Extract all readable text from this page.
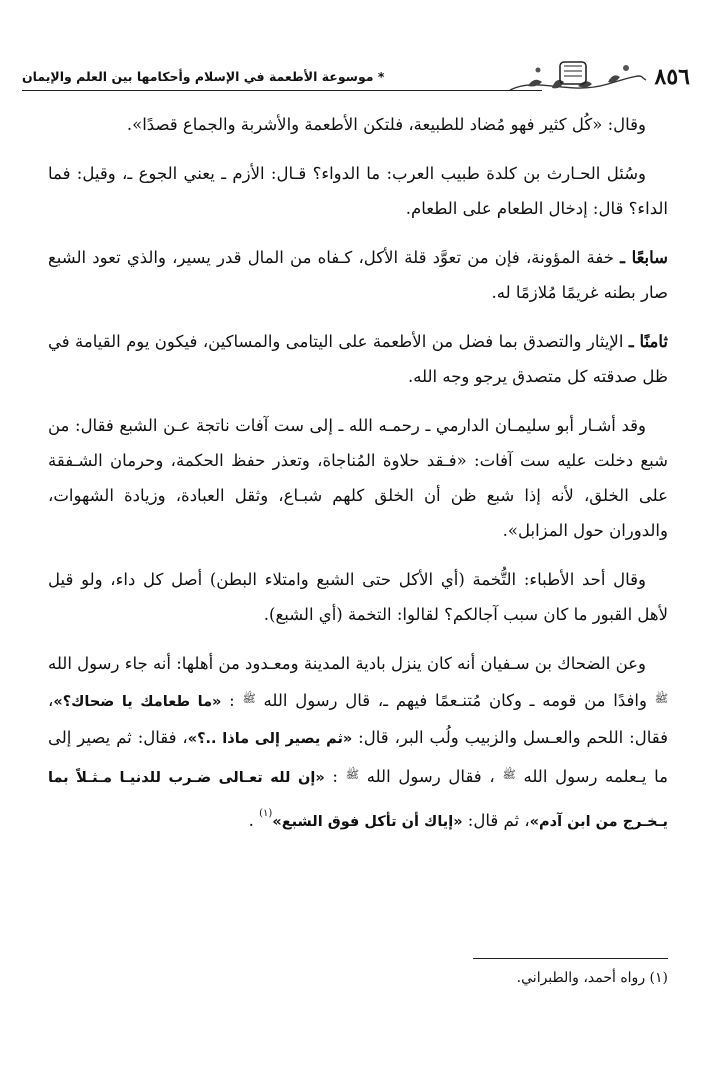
٨٥٦
* موسوعة الأطعمة في الإسلام وأحكامها بين العلم والإيمان

وقال: «كُل كثير فهو مُضاد للطبيعة، فلتكن الأطعمة والأشربة والجماع قصدًا».

وسُئل الحـارث بن كلدة طبيب العرب: ما الدواء؟ قـال: الأزم ـ يعني الجوع ـ، وقيل: فما الداء؟ قال: إدخال الطعام على الطعام.

سابعًا ـ خفة المؤونة، فإن من تعوَّد قلة الأكل، كـفاه من المال قدر يسير، والذي تعود الشبع صار بطنه غريمًا مُلازمًا له.

ثامنًا ـ الإيثار والتصدق بما فضل من الأطعمة على اليتامى والمساكين، فيكون يوم القيامة في ظل صدقته كل متصدق يرجو وجه الله.

وقد أشـار أبو سليمـان الدارمي ـ رحمـه الله ـ إلى ست آفات ناتجة عـن الشبع فقال: من شبع دخلت عليه ست آفات: «فـقد حلاوة المُناجاة، وتعذر حفظ الحكمة، وحرمان الشـفقة على الخلق، لأنه إذا شبع ظن أن الخلق كلهم شبـاع، وثقل العبادة، وزيادة الشهوات، والدوران حول المزابل».

وقال أحد الأطباء: التُّخمة (أي الأكل حتى الشبع وامتلاء البطن) أصل كل داء، ولو قيل لأهل القبور ما كان سبب آجالكم؟ لقالوا: التخمة (أي الشبع).

وعن الضحاك بن سـفيان أنه كان ينزل بادية المدينة ومعـدود من أهلها: أنه جاء رسول الله $^ﷺ$ وافدًا من قومه ـ وكان مُتنـعمًا فيهم ـ، قال رسول الله $^ﷺ$ : «ما طعامك يا ضحاك؟»، فقال: اللحم والعـسل والزبيب ولُب البر، قال: «ثم يصير إلى ماذا ..؟»، فقال: ثم يصير إلى ما يـعلمه رسول الله $^ﷺ$ ، فقال رسول الله $^ﷺ$ : «إن لله تعـالى ضـرب للدنيـا مـثـلاً بما يـخـرج من ابن آدم»، ثم قال: «إياك أن تأكل فوق الشبع»$^{(١)}$ .

(١) رواه أحمد، والطبراني.
